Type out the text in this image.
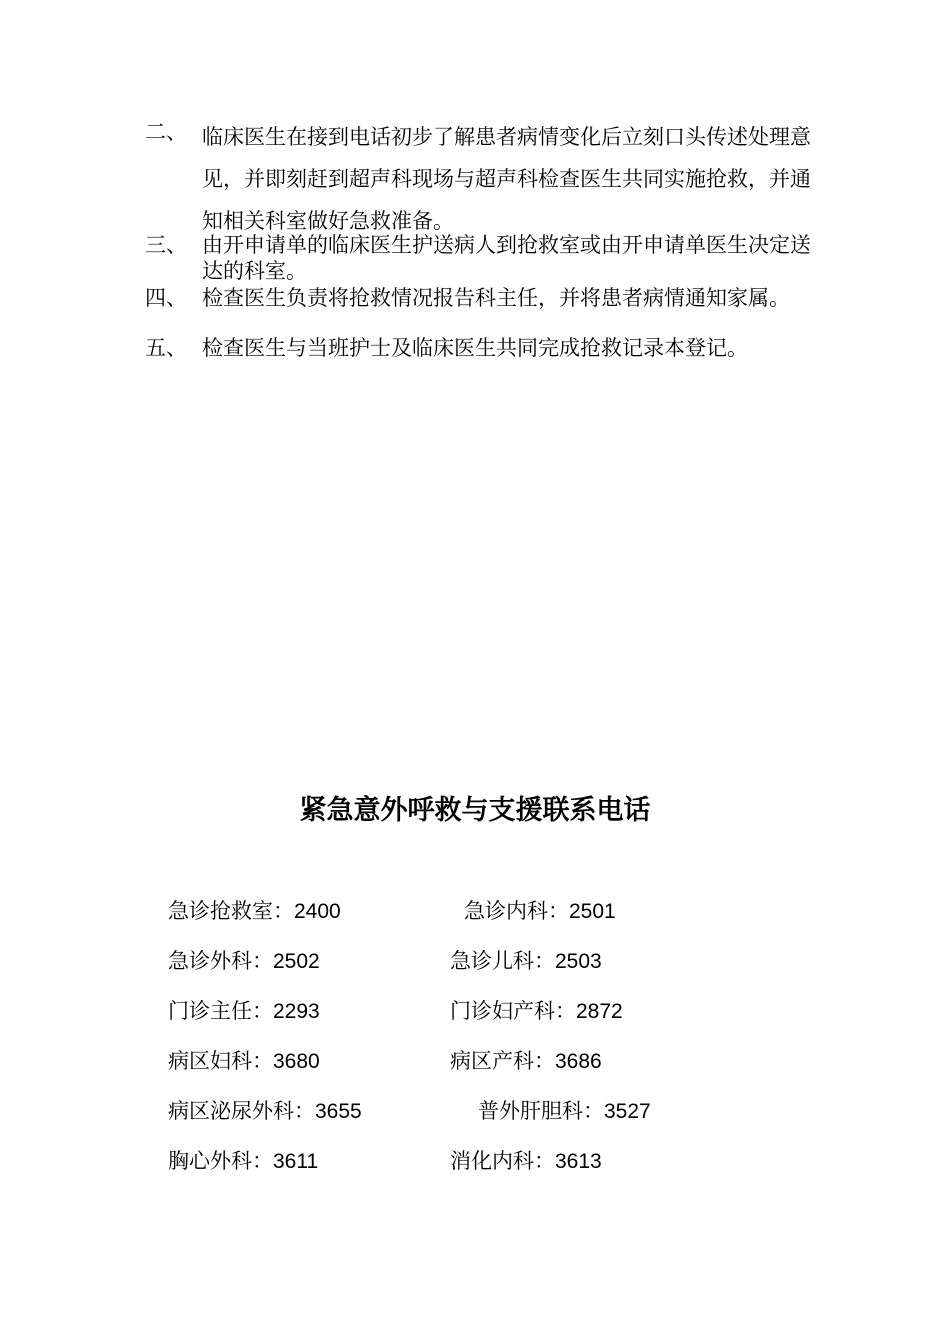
二、 临床医生在接到电话初步了解患者病情变化后立刻口头传述处理意见，并即刻赶到超声科现场与超声科检查医生共同实施抢救，并通知相关科室做好急救准备。
三、 由开申请单的临床医生护送病人到抢救室或由开申请单医生决定送达的科室。
四、 检查医生负责将抢救情况报告科主任，并将患者病情通知家属。
五、 检查医生与当班护士及临床医生共同完成抢救记录本登记。
紧急意外呼救与支援联系电话
急诊抢救室：2400	急诊内科：2501
急诊外科：2502	急诊儿科：2503
门诊主任：2293	门诊妇产科：2872
病区妇科：3680	病区产科：3686
病区泌尿外科：3655	普外肝胆科：3527
胸心外科：3611	消化内科：3613
